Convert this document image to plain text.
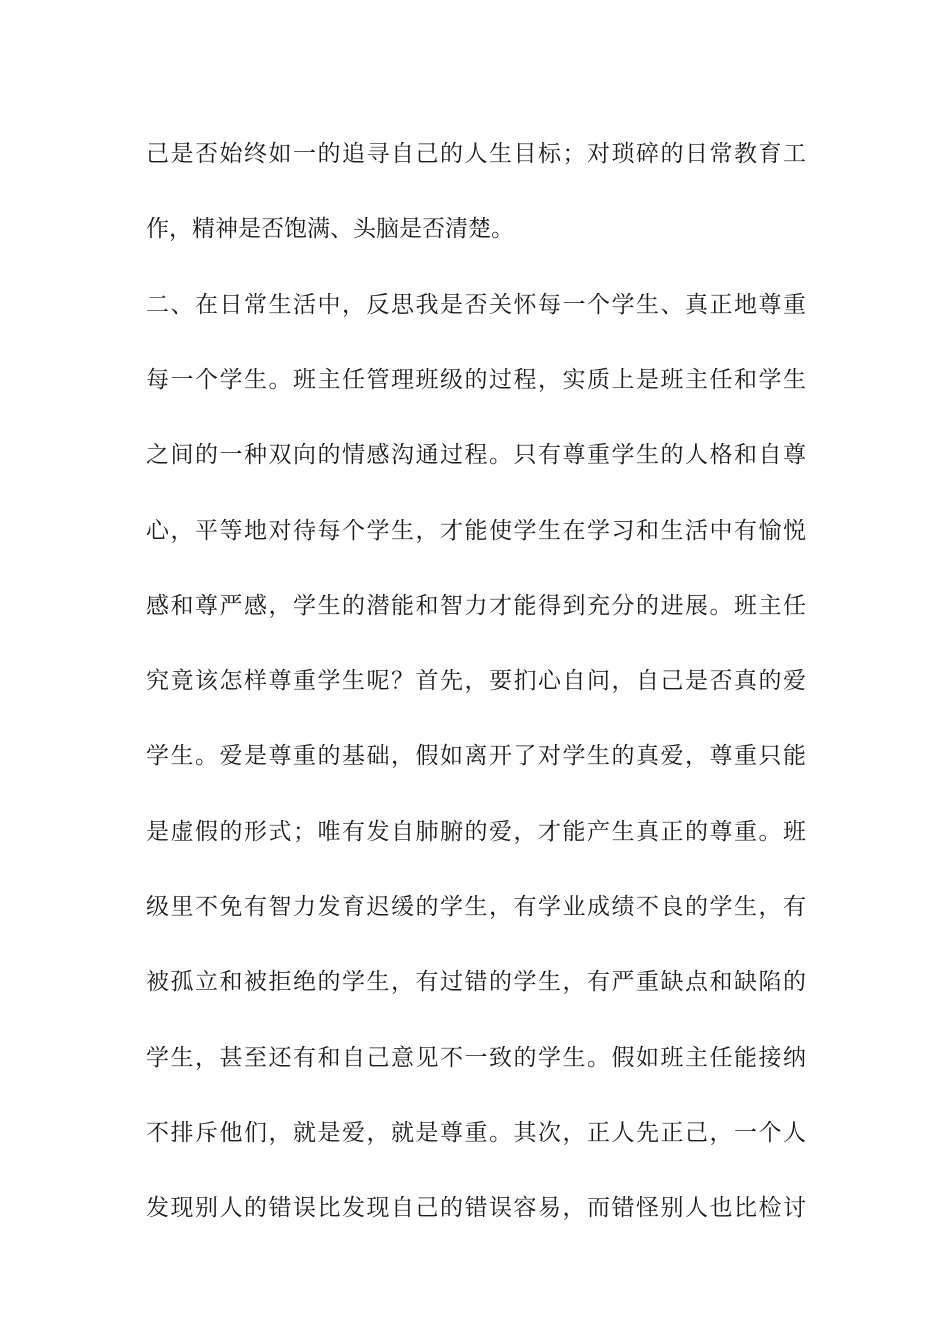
己是否始终如一的追寻自己的人生目标；对琐碎的日常教育工
作，精神是否饱满、头脑是否清楚。
二、在日常生活中，反思我是否关怀每一个学生、真正地尊重
每一个学生。班主任管理班级的过程，实质上是班主任和学生
之间的一种双向的情感沟通过程。只有尊重学生的人格和自尊
心，平等地对待每个学生，才能使学生在学习和生活中有愉悦
感和尊严感，学生的潜能和智力才能得到充分的进展。班主任
究竟该怎样尊重学生呢？首先，要扪心自问，自己是否真的爱
学生。爱是尊重的基础，假如离开了对学生的真爱，尊重只能
是虚假的形式；唯有发自肺腑的爱，才能产生真正的尊重。班
级里不免有智力发育迟缓的学生，有学业成绩不良的学生，有
被孤立和被拒绝的学生，有过错的学生，有严重缺点和缺陷的
学生，甚至还有和自己意见不一致的学生。假如班主任能接纳
不排斥他们，就是爱，就是尊重。其次，正人先正己，一个人
发现别人的错误比发现自己的错误容易，而错怪别人也比检讨
